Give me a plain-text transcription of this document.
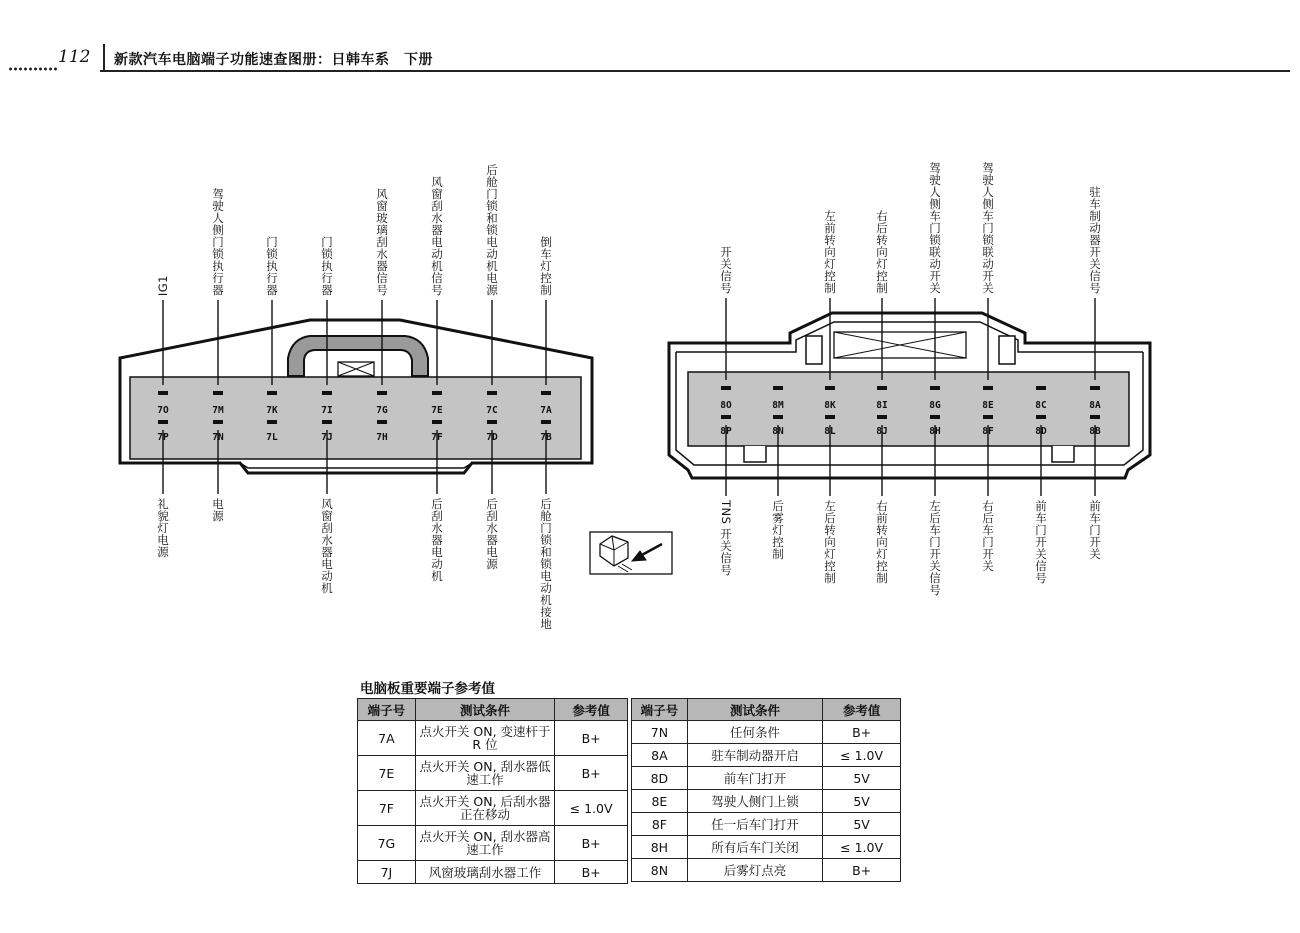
112 新款汽车电脑端子功能速查图册：日韩车系　下册
7O	7M	7K	7I	7G	7E	7C	7A
7P	7N	7L	7J	7H	7F	7D	7B
IG1	驾驶人侧门锁执行器	门锁执行器	门锁执行器	风窗玻璃刮水器信号	风窗刮水器电动机信号	后舱门锁和锁电动机电源	倒车灯控制
礼貌灯电源	电源	风窗刮水器电动机	后刮水器电动机	后刮水器电源	后舱门锁和锁电动机接地
8O	8M	8K	8I	8G	8E	8C	8A
8P	8N	8L	8J	8H	8F	8D	8B
开关信号	左前转向灯控制	右后转向灯控制	驾驶人侧车门锁联动开关	驾驶人侧车门锁联动开关	驻车制动器开关信号
TNS
开关信号	后雾灯控制	左后转向灯控制	右前转向灯控制	左后车门开关信号	右后车门开关	前车门开关信号	前车门开关
电脑板重要端子参考值
端子号	测试条件	参考值
7A	点火开关 ON, 变速杆于 R 位	B+
7E	点火开关 ON, 刮水器低速工作	B+
7F	点火开关 ON, 后刮水器正在移动	≤ 1.0V
7G	点火开关 ON, 刮水器高速工作	B+
7J	风窗玻璃刮水器工作	B+
端子号	测试条件	参考值
7N	任何条件	B+
8A	驻车制动器开启	≤ 1.0V
8D	前车门打开	5V
8E	驾驶人侧门上锁	5V
8F	任一后车门打开	5V
8H	所有后车门关闭	≤ 1.0V
8N	后雾灯点亮	B+
